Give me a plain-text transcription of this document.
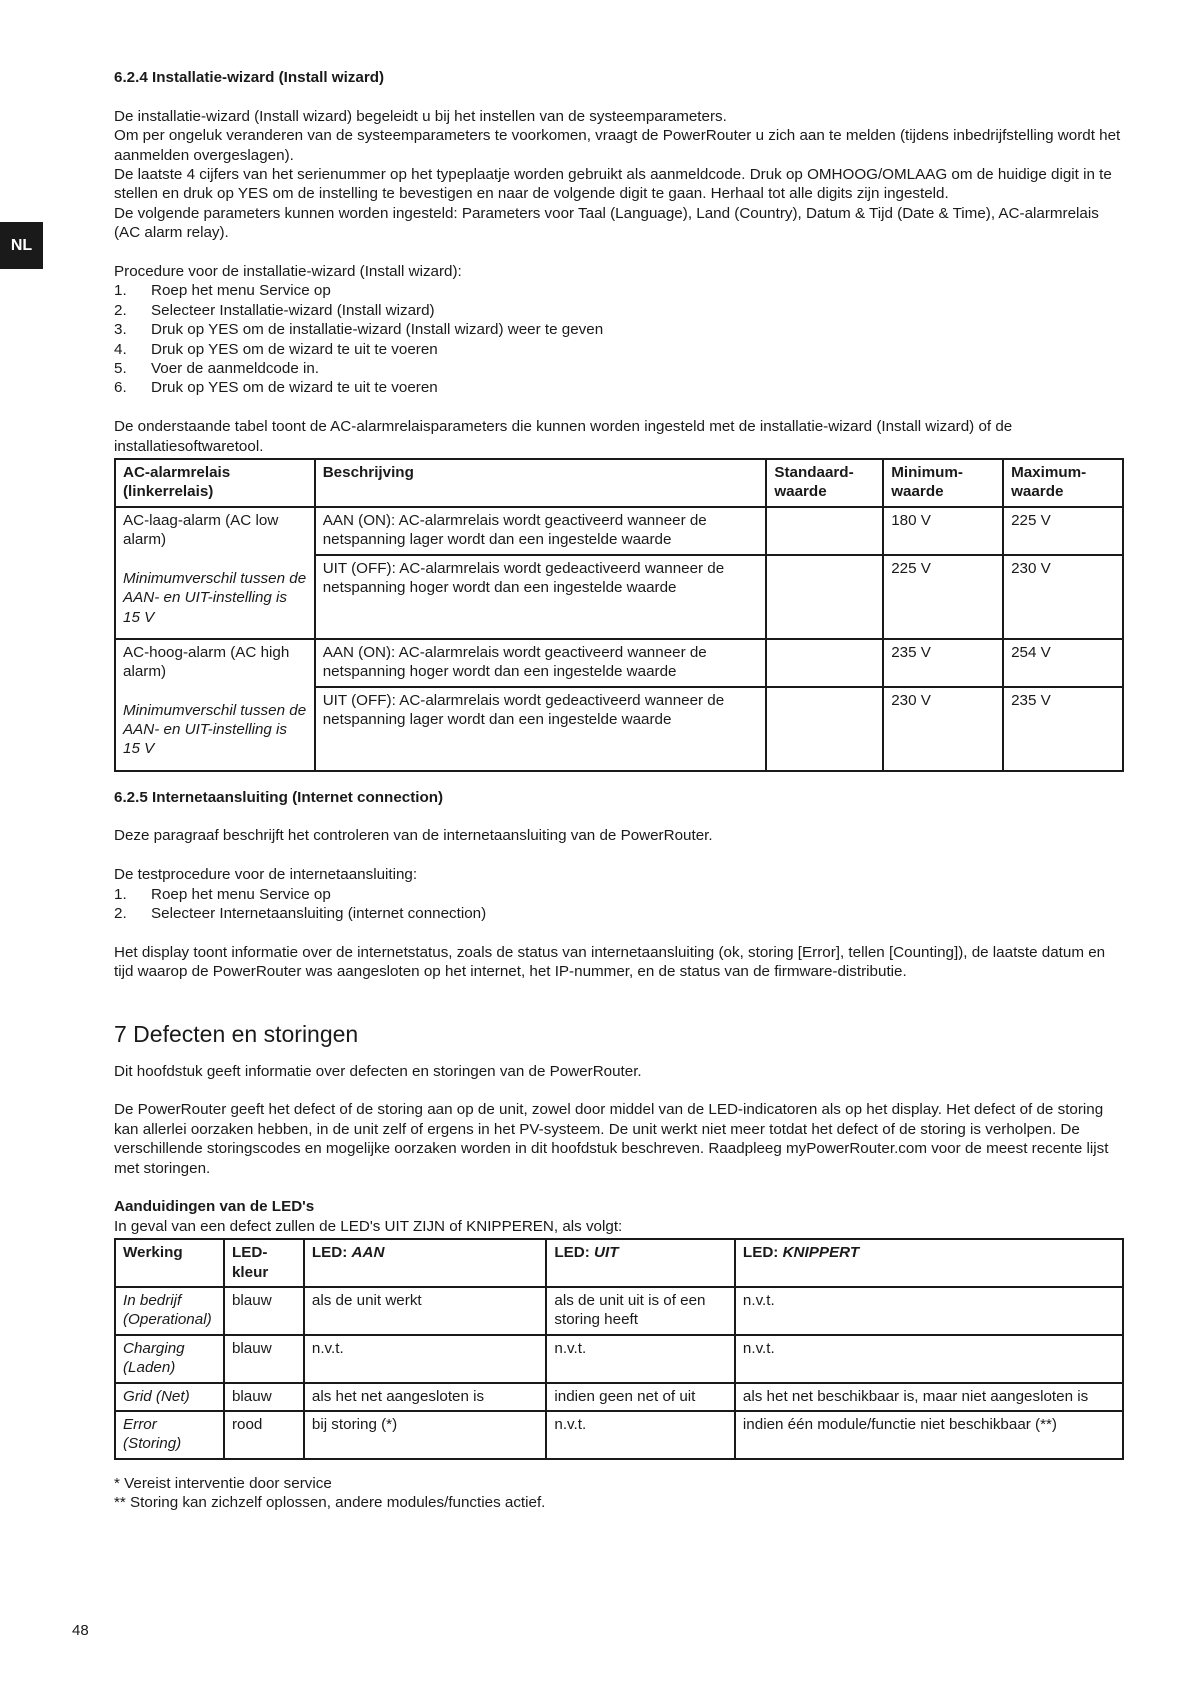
NL
6.2.4 Installatie-wizard (Install wizard)

De installatie-wizard (Install wizard) begeleidt u bij het instellen van de systeemparameters.

Om per ongeluk veranderen van de systeemparameters te voorkomen, vraagt de PowerRouter u zich aan te melden (tijdens inbedrijfstelling wordt het aanmelden overgeslagen).

De laatste 4 cijfers van het serienummer op het typeplaatje worden gebruikt als aanmeldcode. Druk op OMHOOG/OMLAAG om de huidige digit in te stellen en druk op YES om de instelling te bevestigen en naar de volgende digit te gaan. Herhaal tot alle digits zijn ingesteld.

De volgende parameters kunnen worden ingesteld: Parameters voor Taal (Language), Land (Country), Datum & Tijd (Date & Time), AC-alarmrelais (AC alarm relay).

Procedure voor de installatie-wizard (Install wizard):

1.	Roep het menu Service op
2.	Selecteer Installatie-wizard (Install wizard)
3.	Druk op YES om de installatie-wizard (Install wizard) weer te geven
4.	Druk op YES om de wizard te uit te voeren
5.	Voer de aanmeldcode in.
6.	Druk op YES om de wizard te uit te voeren

De onderstaande tabel toont de AC-alarmrelaisparameters die kunnen worden ingesteld met de installatie-wizard (Install wizard) of de installatiesoftwaretool.

AC-alarmrelais (linkerrelais)	Beschrijving	Standaard-waarde	Minimum-waarde	Maximum-waarde

AC-laag-alarm (AC low alarm)
Minimumverschil tussen de AAN- en UIT-instelling is 15 V	AAN (ON): AC-alarmrelais wordt geactiveerd wanneer de netspanning lager wordt dan een ingestelde waarde		180 V	225 V
	UIT (OFF): AC-alarmrelais wordt gedeactiveerd wanneer de netspanning hoger wordt dan een ingestelde waarde		225 V	230 V

AC-hoog-alarm (AC high alarm)
Minimumverschil tussen de AAN- en UIT-instelling is 15 V	AAN (ON): AC-alarmrelais wordt geactiveerd wanneer de netspanning hoger wordt dan een ingestelde waarde		235 V	254 V
	UIT (OFF): AC-alarmrelais wordt gedeactiveerd wanneer de netspanning lager wordt dan een ingestelde waarde		230 V	235 V
6.2.5 Internetaansluiting (Internet connection)

Deze paragraaf beschrijft het controleren van de internetaansluiting van de PowerRouter.

De testprocedure voor de internetaansluiting:

1.	Roep het menu Service op
2.	Selecteer Internetaansluiting (internet connection)

Het display toont informatie over de internetstatus, zoals de status van internetaansluiting (ok, storing [Error], tellen [Counting]), de laatste datum en tijd waarop de PowerRouter was aangesloten op het internet, het IP-nummer, en de status van de firmware-distributie.

7 Defecten en storingen

Dit hoofdstuk geeft informatie over defecten en storingen van de PowerRouter.

De PowerRouter geeft het defect of de storing aan op de unit, zowel door middel van de LED-indicatoren als op het display. Het defect of de storing kan allerlei oorzaken hebben, in de unit zelf of ergens in het PV-systeem. De unit werkt niet meer totdat het defect of de storing is verholpen. De verschillende storingscodes en mogelijke oorzaken worden in dit hoofdstuk beschreven. Raadpleeg myPowerRouter.com voor de meest recente lijst met storingen.

Aanduidingen van de LED's

In geval van een defect zullen de LED's UIT ZIJN of KNIPPEREN, als volgt:

Werking	LED-kleur	LED: AAN	LED: UIT	LED: KNIPPERT
In bedrijf (Operational)	blauw	als de unit werkt	als de unit uit is of een storing heeft	n.v.t.
Charging (Laden)	blauw	n.v.t.	n.v.t.	n.v.t.
Grid (Net)	blauw	als het net aangesloten is	indien geen net of uit	als het net beschikbaar is, maar niet aangesloten is
Error (Storing)	rood	bij storing (*)	n.v.t.	indien één module/functie niet beschikbaar (**)

* Vereist interventie door service

** Storing kan zichzelf oplossen, andere modules/functies actief.

48
